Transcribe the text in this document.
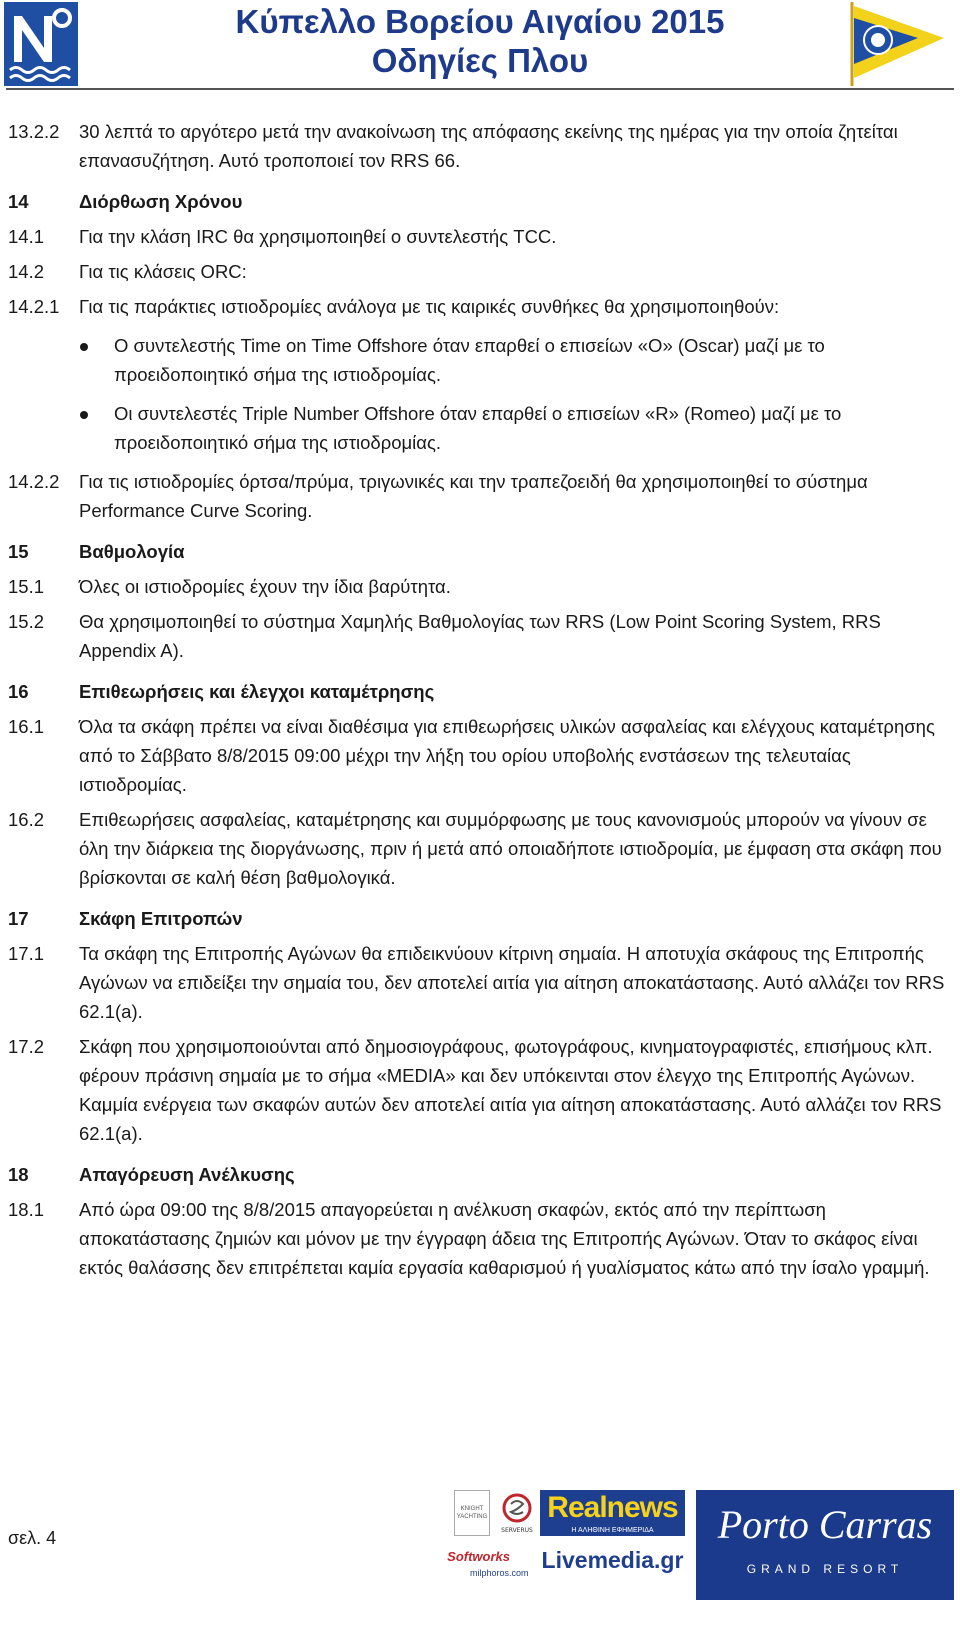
Κύπελλο Βορείου Αιγαίου 2015
Οδηγίες Πλου
13.2.2	30 λεπτά το αργότερο μετά την ανακοίνωση της απόφασης εκείνης της ημέρας για την οποία ζητείται επανασυζήτηση. Αυτό τροποποιεί τον RRS 66.
14	Διόρθωση Χρόνου
14.1	Για την κλάση IRC θα χρησιμοποιηθεί ο συντελεστής TCC.
14.2	Για τις κλάσεις ORC:
14.2.1	Για τις παράκτιες ιστιοδρομίες ανάλογα με τις καιρικές συνθήκες θα χρησιμοποιηθούν:
Ο συντελεστής Time on Time Offshore όταν επαρθεί ο επισείων «Ο» (Oscar) μαζί με το προειδοποιητικό σήμα της ιστιοδρομίας.
Οι συντελεστές Triple Number Offshore όταν επαρθεί ο επισείων «R» (Romeo) μαζί με το προειδοποιητικό σήμα της ιστιοδρομίας.
14.2.2	Για τις ιστιοδρομίες όρτσα/πρύμα, τριγωνικές και την τραπεζοειδή θα χρησιμοποιηθεί το σύστημα Performance Curve Scoring.
15	Βαθμολογία
15.1	Όλες οι ιστιοδρομίες έχουν την ίδια βαρύτητα.
15.2	Θα χρησιμοποιηθεί το σύστημα Χαμηλής Βαθμολογίας των RRS (Low Point Scoring System, RRS Appendix A).
16	Επιθεωρήσεις και έλεγχοι καταμέτρησης
16.1	Όλα τα σκάφη πρέπει να είναι διαθέσιμα για επιθεωρήσεις υλικών ασφαλείας και ελέγχους καταμέτρησης από το Σάββατο 8/8/2015 09:00 μέχρι την λήξη του ορίου υποβολής ενστάσεων της τελευταίας ιστιοδρομίας.
16.2	Επιθεωρήσεις ασφαλείας, καταμέτρησης και συμμόρφωσης με τους κανονισμούς μπορούν να γίνουν σε όλη την διάρκεια της διοργάνωσης, πριν ή μετά από οποιαδήποτε ιστιοδρομία, με έμφαση στα σκάφη που βρίσκονται σε καλή θέση βαθμολογικά.
17	Σκάφη Επιτροπών
17.1	Τα σκάφη της Επιτροπής Αγώνων θα επιδεικνύουν κίτρινη σημαία. Η αποτυχία σκάφους της Επιτροπής Αγώνων να επιδείξει την σημαία του, δεν αποτελεί αιτία για αίτηση αποκατάστασης. Αυτό αλλάζει τον RRS 62.1(a).
17.2	Σκάφη που χρησιμοποιούνται από δημοσιογράφους, φωτογράφους, κινηματογραφιστές, επισήμους κλπ. φέρουν πράσινη σημαία με το σήμα «MEDIA» και δεν υπόκεινται στον έλεγχο της Επιτροπής Αγώνων. Καμμία ενέργεια των σκαφών αυτών δεν αποτελεί αιτία για αίτηση αποκατάστασης. Αυτό αλλάζει τον RRS 62.1(a).
18	Απαγόρευση Ανέλκυσης
18.1	Από ώρα 09:00 της 8/8/2015 απαγορεύεται η ανέλκυση σκαφών, εκτός από την περίπτωση αποκατάστασης ζημιών και μόνον με την έγγραφη άδεια της Επιτροπής Αγώνων. Όταν το σκάφος είναι εκτός θαλάσσης δεν επιτρέπεται καμία εργασία καθαρισμού ή γυαλίσματος κάτω από την ίσαλο γραμμή.
σελ. 4
KNIGHT YACHTING
SERVERUS
Realnews
Η ΑΛΗΘΙΝΗ ΕΦΗΜΕΡΙΔΑ
Softworks
milphoros.com Livemedia.gr
Porto Carras
GRAND RESORT
